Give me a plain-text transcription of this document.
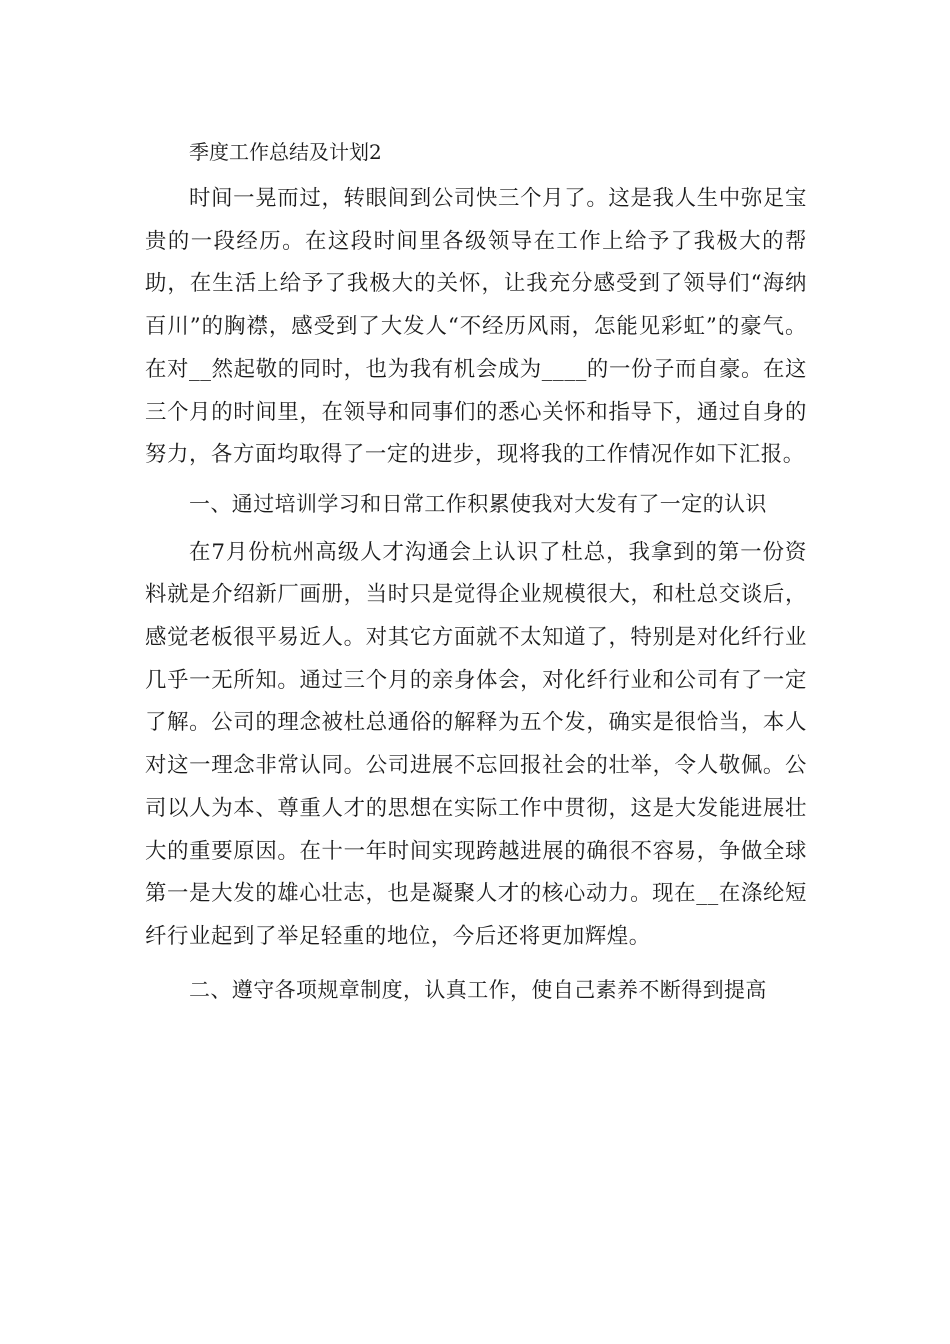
季度工作总结及计划2

时间一晃而过，转眼间到公司快三个月了。这是我人生中弥足宝贵的一段经历。在这段时间里各级领导在工作上给予了我极大的帮助，在生活上给予了我极大的关怀，让我充分感受到了领导们“海纳百川”的胸襟，感受到了大发人“不经历风雨，怎能见彩虹”的豪气。在对__然起敬的同时，也为我有机会成为____的一份子而自豪。在这三个月的时间里，在领导和同事们的悉心关怀和指导下，通过自身的努力，各方面均取得了一定的进步，现将我的工作情况作如下汇报。

一、通过培训学习和日常工作积累使我对大发有了一定的认识

在7月份杭州高级人才沟通会上认识了杜总，我拿到的第一份资料就是介绍新厂画册，当时只是觉得企业规模很大，和杜总交谈后，感觉老板很平易近人。对其它方面就不太知道了，特别是对化纤行业几乎一无所知。通过三个月的亲身体会，对化纤行业和公司有了一定了解。公司的理念被杜总通俗的解释为五个发，确实是很恰当，本人对这一理念非常认同。公司进展不忘回报社会的壮举，令人敬佩。公司以人为本、尊重人才的思想在实际工作中贯彻，这是大发能进展壮大的重要原因。在十一年时间实现跨越进展的确很不容易，争做全球第一是大发的雄心壮志，也是凝聚人才的核心动力。现在__在涤纶短纤行业起到了举足轻重的地位，今后还将更加辉煌。

二、遵守各项规章制度，认真工作，使自己素养不断得到提高
